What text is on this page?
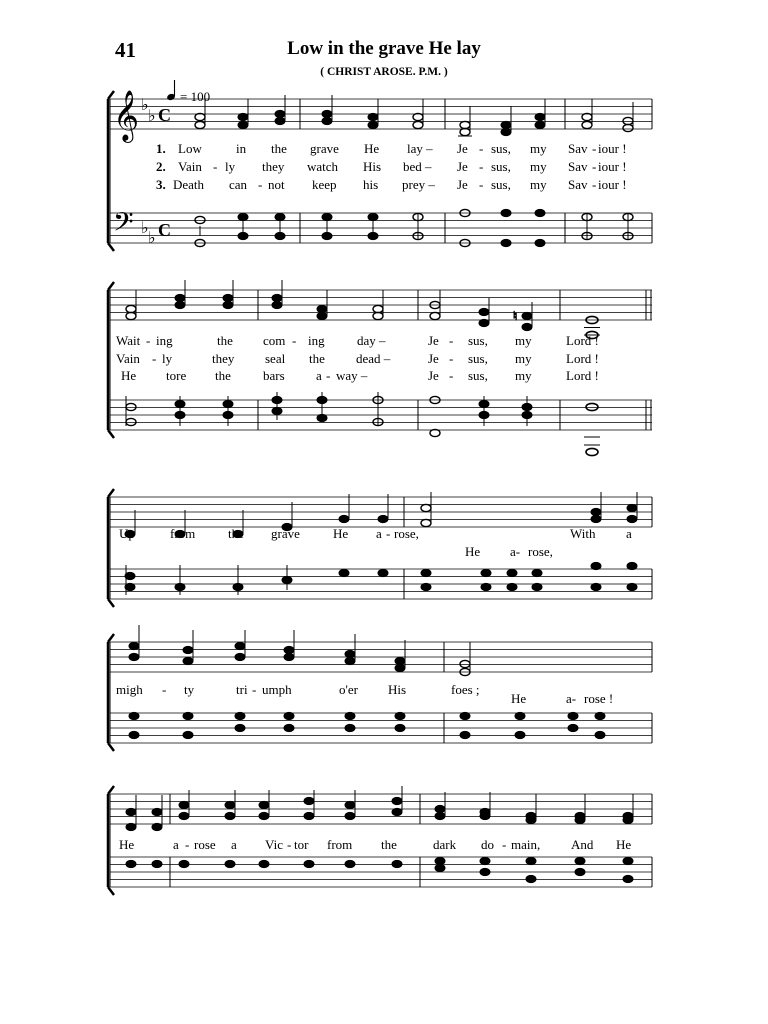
41	Low in the grave He lay
( CHRIST AROSE. P.M. )
= 100
𝄞
𝄢
♭
♭
♭
♭
C
C
1.
2.
3.
Low	in the grave He lay – Je - sus, my Sav - iour !
Vain - ly they watch His bed – Je - sus, my Sav - iour !
Death can - not keep his prey – Je - sus, my Sav - iour !
♮
Wait - ing	the com - ing day –	Je - sus, my	Lord !
Vain - ly	they seal the dead –	Je - sus, my	Lord !
He tore the bars a - way –	Je - sus, my	Lord !
Up	from	the grave	He a - rose,	With a
He a- rose,
migh - ty	tri - umph	o'er His	foes ;
He	a- rose !
He	a - rose a Vic - tor from the	dark do - main, And He
